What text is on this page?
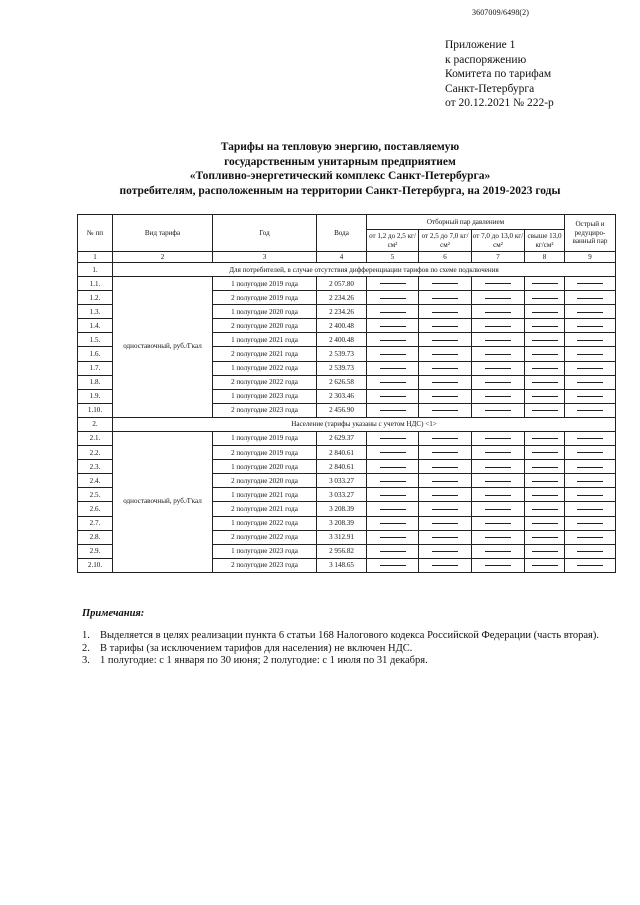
3607009/6498(2)
Приложение 1
к распоряжению
Комитета по тарифам
Санкт-Петербурга
от 20.12.2021 № 222-р
Тарифы на тепловую энергию, поставляемую
государственным унитарным предприятием
«Топливно-энергетический комплекс Санкт-Петербурга»
потребителям, расположенным на территории Санкт-Петербурга, на 2019-2023 годы
№ пп	Вид тарифа	Год	Вода	Отборный пар давлением				Острый и редуциро- ванный пар
				от 1,2 до 2,5 кг/см²	от 2,5 до 7,0 кг/см²	от 7,0 до 13,0 кг/см²	свыше 13,0 кг/см²	
1	2	3	4	5	6	7	8	9
1.	Для потребителей, в случае отсутствия дифференциации тарифов по схеме подключения							
1.1.	одноставочный, руб./Гкал	1 полугодие 2019 года	2 057.80					
1.2.		2 полугодие 2019 года	2 234.26					
1.3.		1 полугодие 2020 года	2 234.26					
1.4.		2 полугодие 2020 года	2 400.48					
1.5.		1 полугодие 2021 года	2 400.48					
1.6.		2 полугодие 2021 года	2 539.73					
1.7.		1 полугодие 2022 года	2 539.73					
1.8.		2 полугодие 2022 года	2 626.58					
1.9.		1 полугодие 2023 года	2 303.46					
1.10.		2 полугодие 2023 года	2 456.90					
2.	Население (тарифы указаны с учетом НДС) <1>							
2.1.	одноставочный, руб./Гкал	1 полугодие 2019 года	2 629.37					
2.2.		2 полугодие 2019 года	2 840.61					
2.3.		1 полугодие 2020 года	2 840.61					
2.4.		2 полугодие 2020 года	3 033.27					
2.5.		1 полугодие 2021 года	3 033.27					
2.6.		2 полугодие 2021 года	3 208.39					
2.7.		1 полугодие 2022 года	3 208.39					
2.8.		2 полугодие 2022 года	3 312.91					
2.9.		1 полугодие 2023 года	2 956.82					
2.10.		2 полугодие 2023 года	3 148.65					
Примечания:
1. Выделяется в целях реализации пункта 6 статьи 168 Налогового кодекса Российской Федерации (часть вторая).
2. В тарифы (за исключением тарифов для населения) не включен НДС.
3. 1 полугодие: с 1 января по 30 июня; 2 полугодие: с 1 июля по 31 декабря.
